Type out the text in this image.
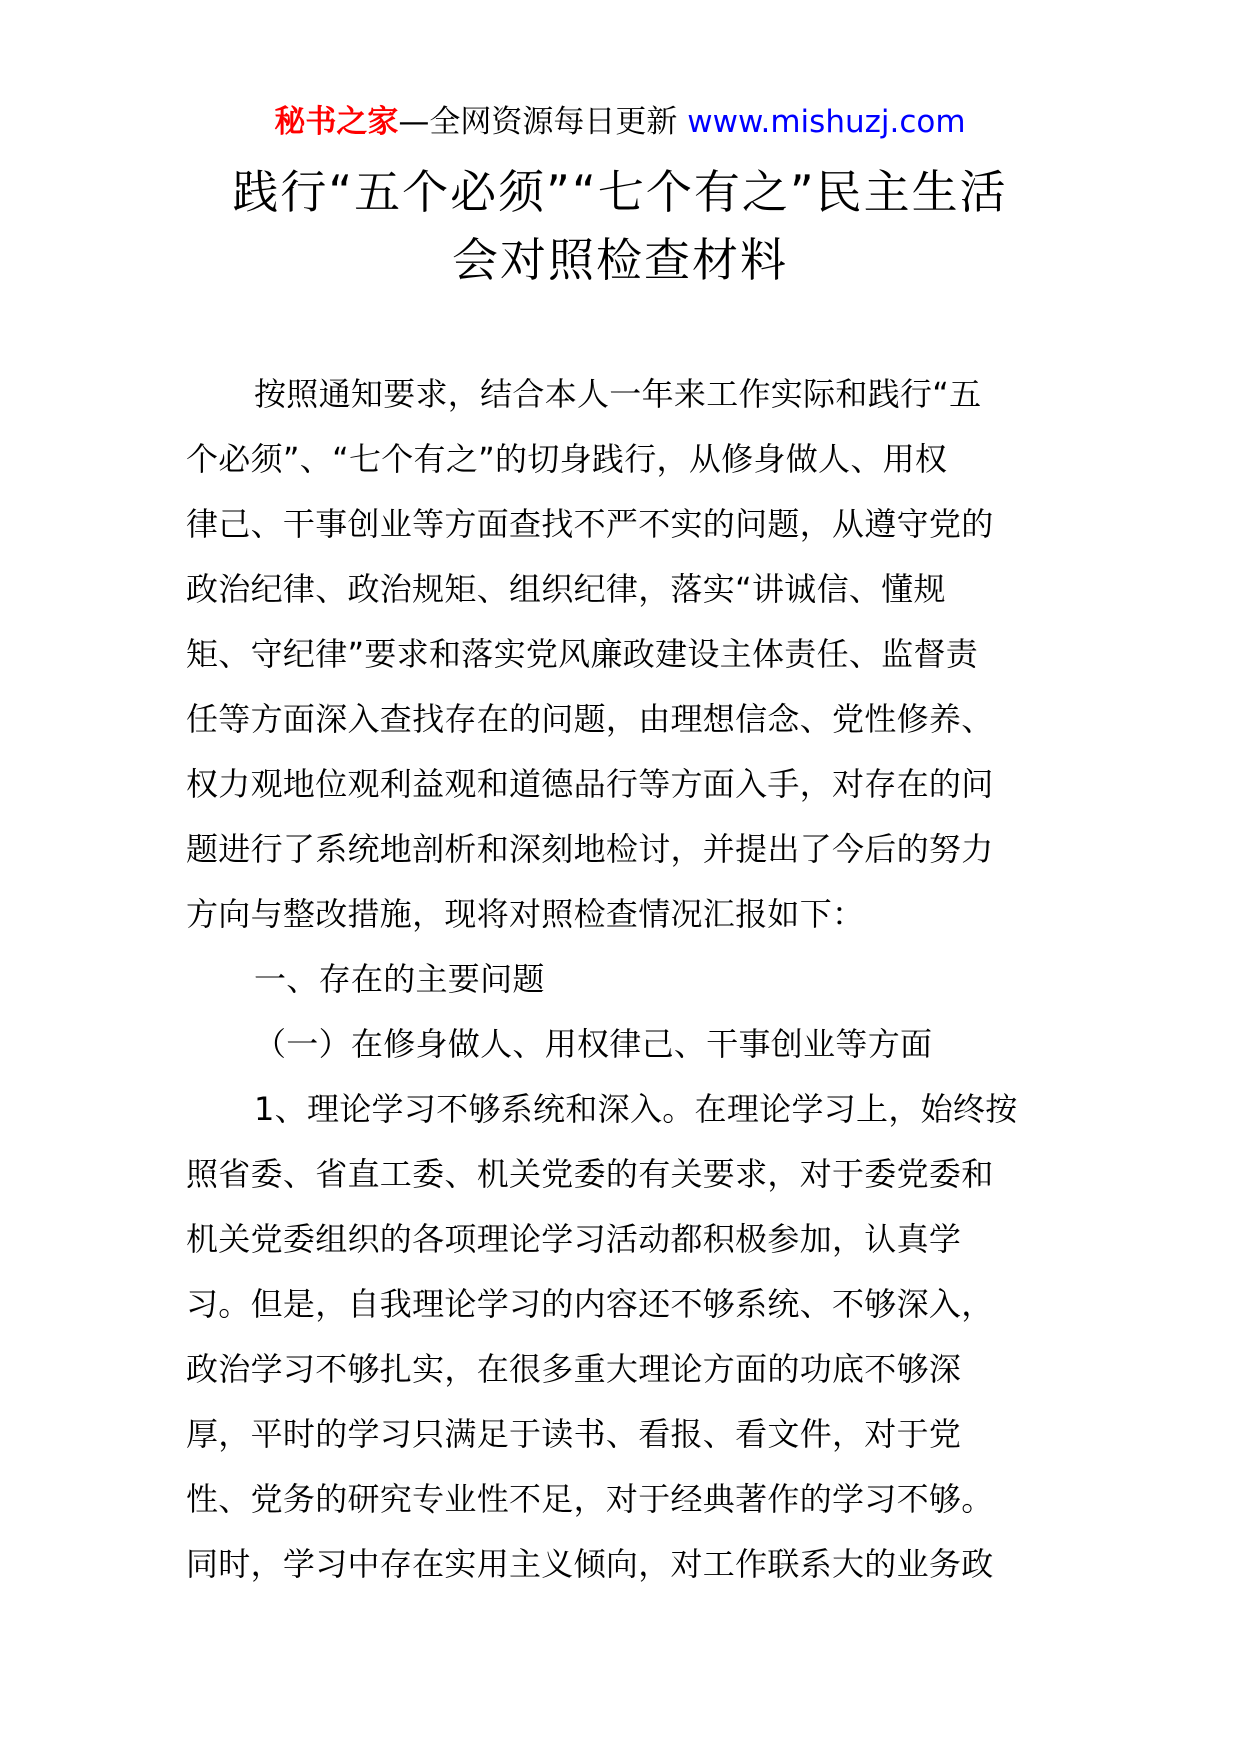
秘书之家—全网资源每日更新 www.mishuzj.com
践行“五个必须”“七个有之”民主生活
会对照检查材料
按照通知要求，结合本人一年来工作实际和践行“五
个必须”、“七个有之”的切身践行，从修身做人、用权
律己、干事创业等方面查找不严不实的问题，从遵守党的
政治纪律、政治规矩、组织纪律，落实“讲诚信、懂规
矩、守纪律”要求和落实党风廉政建设主体责任、监督责
任等方面深入查找存在的问题，由理想信念、党性修养、
权力观地位观利益观和道德品行等方面入手，对存在的问
题进行了系统地剖析和深刻地检讨，并提出了今后的努力
方向与整改措施，现将对照检查情况汇报如下：
一、存在的主要问题
（一）在修身做人、用权律己、干事创业等方面
1、理论学习不够系统和深入。在理论学习上，始终按
照省委、省直工委、机关党委的有关要求，对于委党委和
机关党委组织的各项理论学习活动都积极参加，认真学
习。但是，自我理论学习的内容还不够系统、不够深入，
政治学习不够扎实，在很多重大理论方面的功底不够深
厚，平时的学习只满足于读书、看报、看文件，对于党
性、党务的研究专业性不足，对于经典著作的学习不够。
同时，学习中存在实用主义倾向，对工作联系大的业务政
